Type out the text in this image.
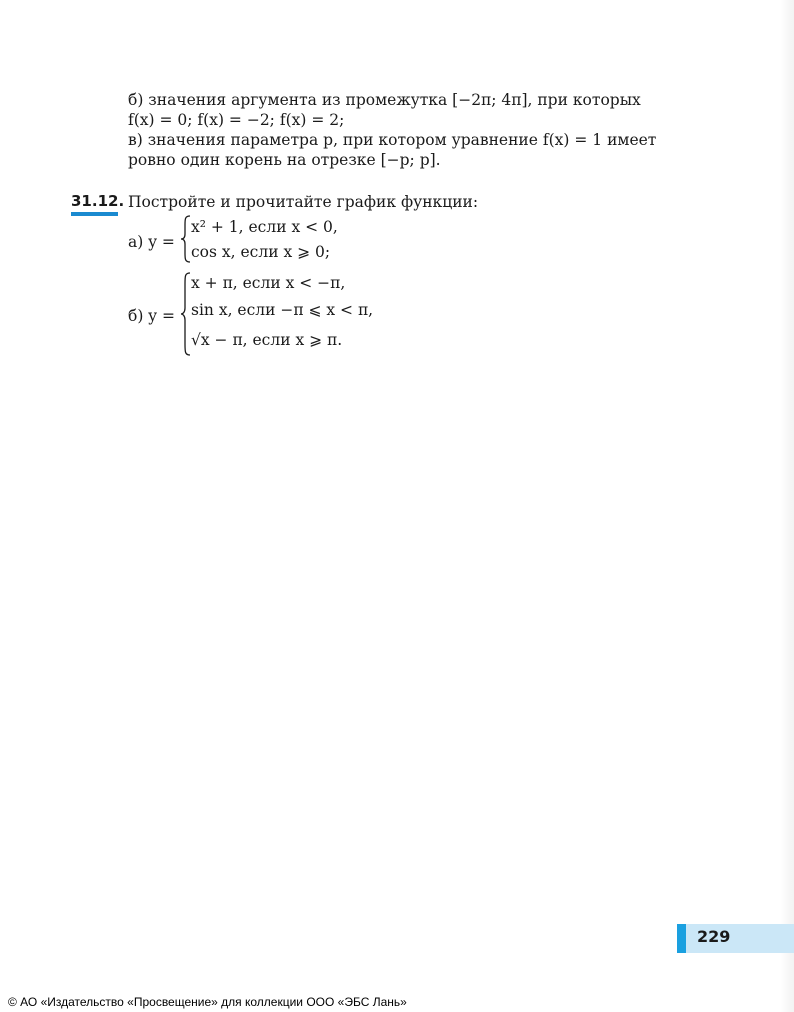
б) значения аргумента из промежутка [−2π; 4π], при которых
f(x) = 0; f(x) = −2; f(x) = 2;
в) значения параметра p, при котором уравнение f(x) = 1 имеет
ровно один корень на отрезке [−p; p].
31.12. Постройте и прочитайте график функции:
а) y =
x² + 1, если x < 0,
cos x, если x ⩾ 0;
б) y =
x + π, если x < −π,
sin x, если −π ⩽ x < π,
√x − π, если x ⩾ π.
229
© АО «Издательство «Просвещение» для коллекции ООО «ЭБС Лань»
